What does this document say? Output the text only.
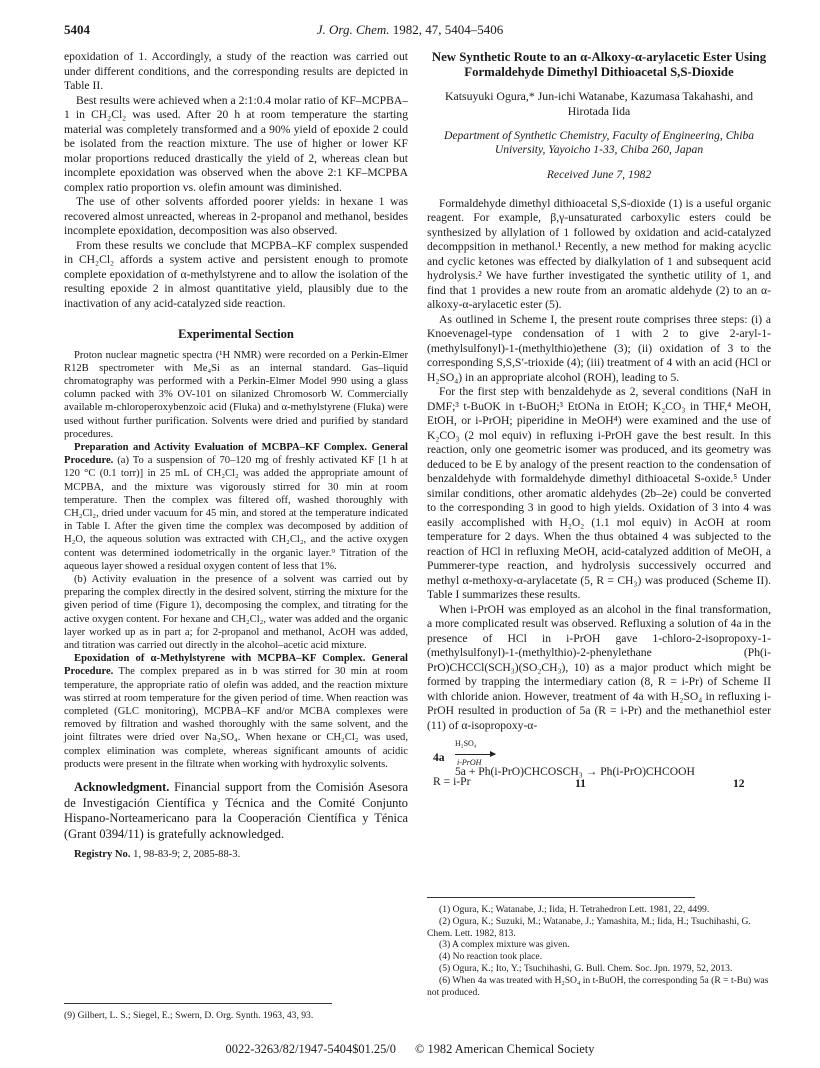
5404	J. Org. Chem. 1982, 47, 5404–5406

epoxidation of 1. Accordingly, a study of the reaction was carried out under different conditions, and the corresponding results are depicted in Table II.

Best results were achieved when a 2:1:0.4 molar ratio of KF–MCPBA–1 in CH₂Cl₂ was used. After 20 h at room temperature the starting material was completely transformed and a 90% yield of epoxide 2 could be isolated from the reaction mixture. The use of higher or lower KF molar proportions reduced drastically the yield of 2, whereas clean but incomplete epoxidation was observed when the above 2:1 KF–MCPBA complex ratio proportion vs. olefin amount was diminished.

The use of other solvents afforded poorer yields: in hexane 1 was recovered almost unreacted, whereas in 2-propanol and methanol, besides incomplete epoxidation, decomposition was also observed.

From these results we conclude that MCPBA–KF complex suspended in CH₂Cl₂ affords a system active and persistent enough to promote complete epoxidation of α-methylstyrene and to allow the isolation of the resulting epoxide 2 in almost quantitative yield, plausibly due to the inactivation of any acid-catalyzed side reaction.

Experimental Section

Proton nuclear magnetic spectra (¹H NMR) were recorded on a Perkin-Elmer R12B spectrometer with Me₄Si as an internal standard. Gas–liquid chromatography was performed with a Perkin-Elmer Model 990 using a glass column packed with 3% OV-101 on silanized Chromosorb W. Commercially available m-chloroperoxybenzoic acid (Fluka) and α-methylstyrene (Fluka) were used without further purification. Solvents were dried and purified by standard procedures.

Preparation and Activity Evaluation of MCBPA–KF Complex. General Procedure. (a) To a suspension of 70–120 mg of freshly activated KF [1 h at 120 °C (0.1 torr)] in 25 mL of CH₂Cl₂ was added the appropriate amount of MCPBA, and the mixture was vigorously stirred for 30 min at room temperature. Then the complex was filtered off, washed thoroughly with CH₂Cl₂, dried under vacuum for 45 min, and stored at the temperature indicated in Table I. After the given time the complex was decomposed by addition of H₂O, the aqueous solution was extracted with CH₂Cl₂, and the active oxygen content was determined iodometrically in the organic layer.⁹ Titration of the aqueous layer showed a residual oxygen content of less that 1%.

(b) Activity evaluation in the presence of a solvent was carried out by preparing the complex directly in the desired solvent, stirring the mixture for the given period of time (Figure 1), decomposing the complex, and titrating for the active oxygen content. For hexane and CH₂Cl₂, water was added and the organic layer worked up as in part a; for 2-propanol and methanol, AcOH was added, and titration was carried out directly in the alcohol–acetic acid mixture.

Epoxidation of α-Methylstyrene with MCPBA–KF Complex. General Procedure. The complex prepared as in b was stirred for 30 min at room temperature, the appropriate ratio of olefin was added, and the reaction mixture was stirred at room temperature for the given period of time. When reaction was completed (GLC monitoring), MCPBA–KF and/or MCBA complexes were removed by filtration and washed thoroughly with the same solvent, and the joint filtrates were dried over Na₂SO₄. When hexane or CH₂Cl₂ was used, complex elimination was complete, whereas significant amounts of acidic products were present in the filtrate when working with hydroxylic solvents.

Acknowledgment. Financial support from the Comisión Asesora de Investigación Científica y Técnica and the Comité Conjunto Hispano-Norteamericano para la Cooperación Científica y Ténica (Grant 0394/11) is gratefully acknowledged.

Registry No. 1, 98-83-9; 2, 2085-88-3.

(9) Gilbert, L. S.; Siegel, E.; Swern, D. Org. Synth. 1963, 43, 93.

New Synthetic Route to an α-Alkoxy-α-arylacetic Ester Using Formaldehyde Dimethyl Dithioacetal S,S-Dioxide
Katsuyuki Ogura,* Jun-ichi Watanabe, Kazumasa Takahashi, and Hirotada Iida
Department of Synthetic Chemistry, Faculty of Engineering, Chiba University, Yayoicho 1-33, Chiba 260, Japan
Received June 7, 1982

Formaldehyde dimethyl dithioacetal S,S-dioxide (1) is a useful organic reagent. For example, β,γ-unsaturated carboxylic esters could be synthesized by allylation of 1 followed by oxidation and acid-catalyzed decomppsition in methanol.¹ Recently, a new method for making acyclic and cyclic ketones was effected by dialkylation of 1 and subsequent acid hydrolysis.² We have further investigated the synthetic utility of 1, and find that 1 provides a new route from an aromatic aldehyde (2) to an α-alkoxy-α-arylacetic ester (5).

As outlined in Scheme I, the present route comprises three steps: (i) a Knoevenagel-type condensation of 1 with 2 to give 2-aryl-1-(methylsulfonyl)-1-(methylthio)ethene (3); (ii) oxidation of 3 to the corresponding S,S,S′-trioxide (4); (iii) treatment of 4 with an acid (HCl or H₂SO₄) in an appropriate alcohol (ROH), leading to 5.

For the first step with benzaldehyde as 2, several conditions (NaH in DMF;³ t-BuOK in t-BuOH;³ EtONa in EtOH; K₂CO₃ in THF,⁴ MeOH, EtOH, or i-PrOH; piperidine in MeOH⁴) were examined and the use of K₂CO₃ (2 mol equiv) in refluxing i-PrOH gave the best result. In this reaction, only one geometric isomer was produced, and its geometry was deduced to be E by analogy of the present reaction to the condensation of benzaldehyde with formaldehyde dimethyl dithioacetal S-oxide.⁵ Under similar conditions, other aromatic aldehydes (2b–2e) could be converted to the corresponding 3 in good to high yields. Oxidation of 3 into 4 was easily accomplished with H₂O₂ (1.1 mol equiv) in AcOH at room temperature for 2 days. When the thus obtained 4 was subjected to the reaction of HCl in refluxing MeOH, acid-catalyzed addition of MeOH, a Pummerer-type reaction, and hydrolysis successively occurred and methyl α-methoxy-α-arylacetate (5, R = CH₃) was produced (Scheme II). Table I summarizes these results.

When i-PrOH was employed as an alcohol in the final transformation, a more complicated result was observed. Refluxing a solution of 4a in the presence of HCl in i-PrOH gave 1-chloro-2-isopropoxy-1-(methylsulfonyl)-1-(methylthio)-2-phenylethane (Ph(i-PrO)CHCCl(SCH₃)(SO₂CH₃), 10) as a major product which might be formed by trapping the intermediary cation (8, R = i-Pr) of Scheme II with chloride anion. However, treatment of 4a with H₂SO₄ in refluxing i-PrOH resulted in production of 5a (R = i-Pr) and the methanethiol ester (11) of α-isopropoxy-α-

4a
H₂SO₄
i-PrOH
5a + Ph(i-PrO)CHCOSCH₃ → Ph(i-PrO)CHCOOH
R = i-Pr	11	12

(1) Ogura, K.; Watanabe, J.; Iida, H. Tetrahedron Lett. 1981, 22, 4499.

(2) Ogura, K.; Suzuki, M.; Watanabe, J.; Yamashita, M.; Iida, H.; Tsuchihashi, G. Chem. Lett. 1982, 813.

(3) A complex mixture was given.

(4) No reaction took place.

(5) Ogura, K.; Ito, Y.; Tsuchihashi, G. Bull. Chem. Soc. Jpn. 1979, 52, 2013.

(6) When 4a was treated with H₂SO₄ in t-BuOH, the corresponding 5a (R = t-Bu) was not produced.

0022-3263/82/1947-5404$01.25/0 © 1982 American Chemical Society
